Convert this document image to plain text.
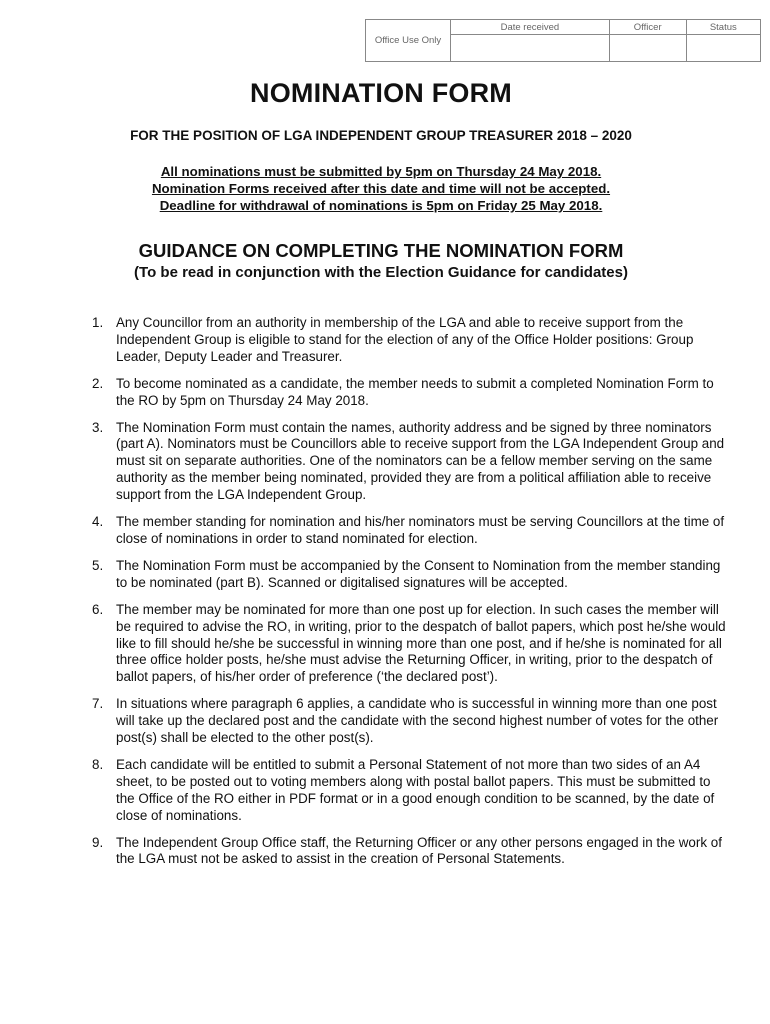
Office Use Only	Date received	Officer	Status

NOMINATION FORM
FOR THE POSITION OF LGA INDEPENDENT GROUP TREASURER 2018 – 2020
All nominations must be submitted by 5pm on Thursday 24 May 2018.
Nomination Forms received after this date and time will not be accepted.
Deadline for withdrawal of nominations is 5pm on Friday 25 May 2018.
GUIDANCE ON COMPLETING THE NOMINATION FORM
(To be read in conjunction with the Election Guidance for candidates)
1. Any Councillor from an authority in membership of the LGA and able to receive support from the Independent Group is eligible to stand for the election of any of the Office Holder positions: Group Leader, Deputy Leader and Treasurer.
2. To become nominated as a candidate, the member needs to submit a completed Nomination Form to the RO by 5pm on Thursday 24 May 2018.
3. The Nomination Form must contain the names, authority address and be signed by three nominators (part A). Nominators must be Councillors able to receive support from the LGA Independent Group and must sit on separate authorities. One of the nominators can be a fellow member serving on the same authority as the member being nominated, provided they are from a political affiliation able to receive support from the LGA Independent Group.
4. The member standing for nomination and his/her nominators must be serving Councillors at the time of close of nominations in order to stand nominated for election.
5. The Nomination Form must be accompanied by the Consent to Nomination from the member standing to be nominated (part B). Scanned or digitalised signatures will be accepted.
6. The member may be nominated for more than one post up for election. In such cases the member will be required to advise the RO, in writing, prior to the despatch of ballot papers, which post he/she would like to fill should he/she be successful in winning more than one post, and if he/she is nominated for all three office holder posts, he/she must advise the Returning Officer, in writing, prior to the despatch of ballot papers, of his/her order of preference (‘the declared post’).
7. In situations where paragraph 6 applies, a candidate who is successful in winning more than one post will take up the declared post and the candidate with the second highest number of votes for the other post(s) shall be elected to the other post(s).
8. Each candidate will be entitled to submit a Personal Statement of not more than two sides of an A4 sheet, to be posted out to voting members along with postal ballot papers. This must be submitted to the Office of the RO either in PDF format or in a good enough condition to be scanned, by the date of close of nominations.
9. The Independent Group Office staff, the Returning Officer or any other persons engaged in the work of the LGA must not be asked to assist in the creation of Personal Statements.
